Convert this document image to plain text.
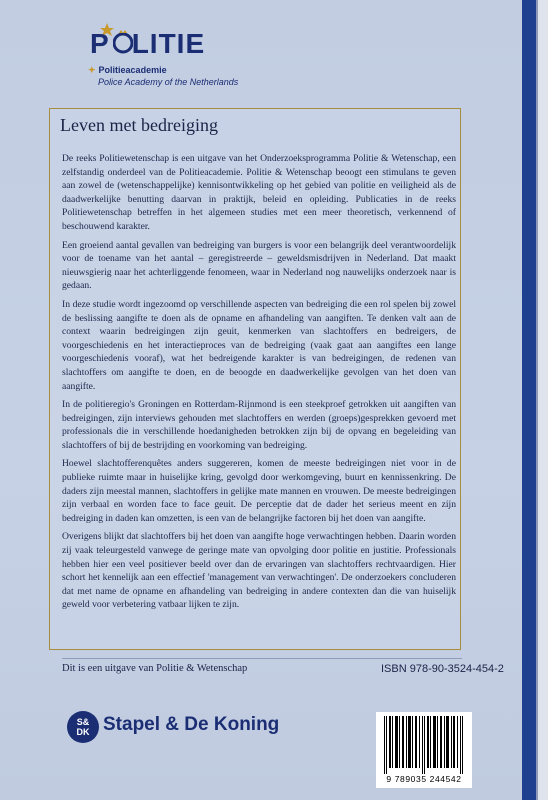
P LITIE
✦ Politieacademie
Police Academy of the Netherlands
Leven met bedreiging

De reeks Politiewetenschap is een uitgave van het Onderzoeksprogramma Politie & Wetenschap, een zelfstandig onderdeel van de Politieacademie. Politie & Wetenschap beoogt een stimulans te geven aan zowel de (wetenschappelijke) kennisontwikkeling op het gebied van politie en veiligheid als de daadwerkelijke benutting daarvan in praktijk, beleid en opleiding. Publicaties in de reeks Politiewetenschap betreffen in het algemeen studies met een meer theoretisch, verkennend of beschouwend karakter.

Een groeiend aantal gevallen van bedreiging van burgers is voor een belangrijk deel verantwoordelijk voor de toename van het aantal – geregistreerde – geweldsmisdrijven in Nederland. Dat maakt nieuwsgierig naar het achterliggende fenomeen, waar in Nederland nog nauwelijks onderzoek naar is gedaan.

In deze studie wordt ingezoomd op verschillende aspecten van bedreiging die een rol spelen bij zowel de beslissing aangifte te doen als de opname en afhandeling van aangiften. Te denken valt aan de context waarin bedreigingen zijn geuit, kenmerken van slachtoffers en bedreigers, de voorgeschiedenis en het interactieproces van de bedreiging (vaak gaat aan aangiftes een lange voorgeschiedenis vooraf), wat het bedreigende karakter is van bedreigingen, de redenen van slachtoffers om aangifte te doen, en de beoogde en daadwerkelijke gevolgen van het doen van aangifte.

In de politieregio's Groningen en Rotterdam-Rijnmond is een steekproef getrokken uit aangiften van bedreigingen, zijn interviews gehouden met slachtoffers en werden (groeps)gesprekken gevoerd met professionals die in verschillende hoedanigheden betrokken zijn bij de opvang en begeleiding van slachtoffers of bij de bestrijding en voorkoming van bedreiging.

Hoewel slachtofferenquêtes anders suggereren, komen de meeste bedreigingen niet voor in de publieke ruimte maar in huiselijke kring, gevolgd door werkomgeving, buurt en kennissenkring. De daders zijn meestal mannen, slachtoffers in gelijke mate mannen en vrouwen. De meeste bedreigingen zijn verbaal en worden face to face geuit. De perceptie dat de dader het serieus meent en zijn bedreiging in daden kan omzetten, is een van de belangrijke factoren bij het doen van aangifte.

Overigens blijkt dat slachtoffers bij het doen van aangifte hoge verwachtingen hebben. Daarin worden zij vaak teleurgesteld vanwege de geringe mate van opvolging door politie en justitie. Professionals hebben hier een veel positiever beeld over dan de ervaringen van slachtoffers rechtvaardigen. Hier schort het kennelijk aan een effectief 'management van verwachtingen'. De onderzoekers concluderen dat met name de opname en afhandeling van bedreiging in andere contexten dan die van huiselijk geweld voor verbetering vatbaar lijken te zijn.

Dit is een uitgave van Politie & Wetenschap	ISBN 978-90-3524-454-2
S&
DK Stapel & De Koning
9 789035 244542
